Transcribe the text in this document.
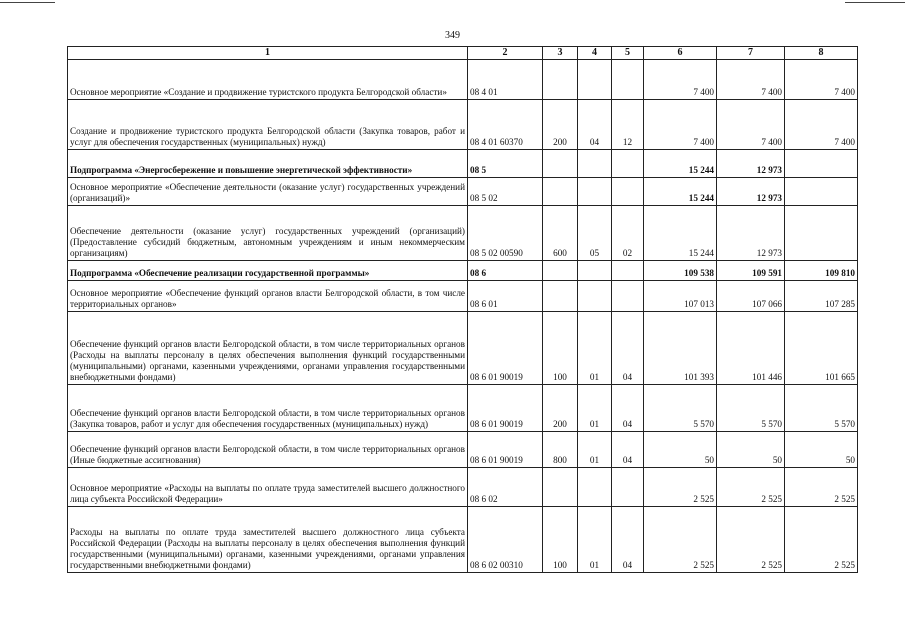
349
1	2	3	4	5	6	7	8
Основное мероприятие «Создание и продвижение туристского продукта Белгородской области»	08 4 01				7 400	7 400	7 400
Создание и продвижение туристского продукта Белгородской области (Закупка товаров, работ и услуг для обеспечения государственных (муниципальных) нужд)	08 4 01 60370	200	04	12	7 400	7 400	7 400
Подпрограмма «Энергосбережение и повышение энергетической эффективности»	08 5				15 244	12 973	
Основное мероприятие «Обеспечение деятельности (оказание услуг) государственных учреждений (организаций)»	08 5 02				15 244	12 973	
Обеспечение деятельности (оказание услуг) государственных учреждений (организаций) (Предоставление субсидий бюджетным, автономным учреждениям и иным некоммерческим организациям)	08 5 02 00590	600	05	02	15 244	12 973	
Подпрограмма «Обеспечение реализации государственной программы»	08 6				109 538	109 591	109 810
Основное мероприятие «Обеспечение функций органов власти Белгородской области, в том числе территориальных органов»	08 6 01				107 013	107 066	107 285
Обеспечение функций органов власти Белгородской области, в том числе территориальных органов (Расходы на выплаты персоналу в целях обеспечения выполнения функций государственными (муниципальными) органами, казенными учреждениями, органами управления государственными внебюджетными фондами)	08 6 01 90019	100	01	04	101 393	101 446	101 665
Обеспечение функций органов власти Белгородской области, в том числе территориальных органов (Закупка товаров, работ и услуг для обеспечения государственных (муниципальных) нужд)	08 6 01 90019	200	01	04	5 570	5 570	5 570
Обеспечение функций органов власти Белгородской области, в том числе территориальных органов (Иные бюджетные ассигнования)	08 6 01 90019	800	01	04	50	50	50
Основное мероприятие «Расходы на выплаты по оплате труда заместителей высшего должностного лица субъекта Российской Федерации»	08 6 02				2 525	2 525	2 525
Расходы на выплаты по оплате труда заместителей высшего должностного лица субъекта Российской Федерации (Расходы на выплаты персоналу в целях обеспечения выполнения функций государственными (муниципальными) органами, казенными учреждениями, органами управления государственными внебюджетными фондами)	08 6 02 00310	100	01	04	2 525	2 525	2 525
